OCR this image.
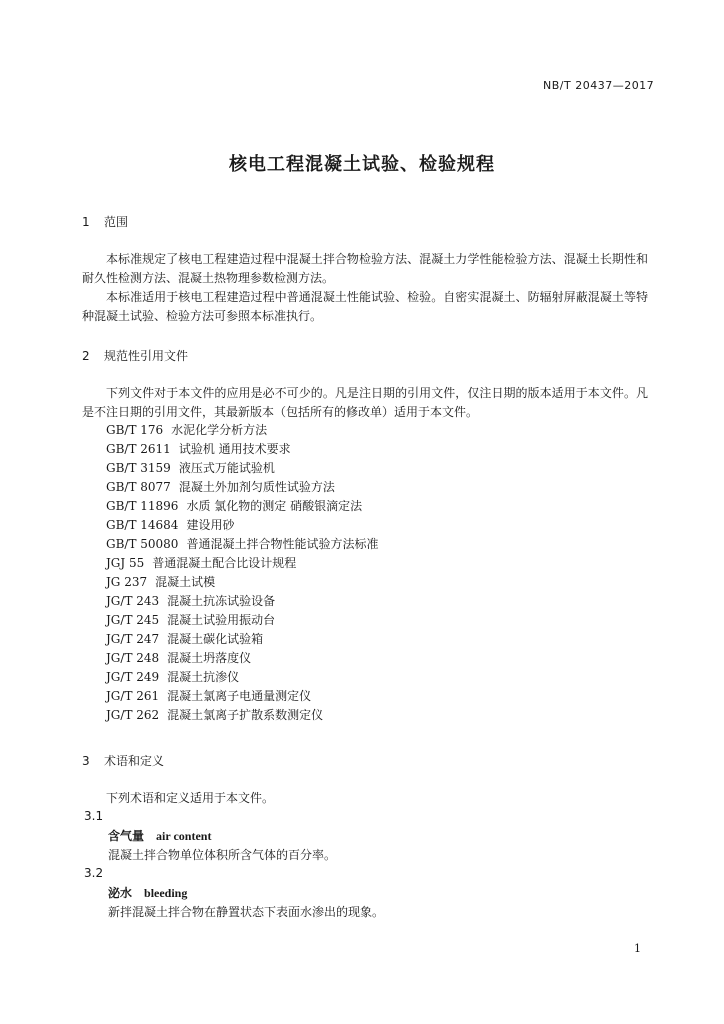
NB/T 20437—2017
核电工程混凝土试验、检验规程
1 范围
本标准规定了核电工程建造过程中混凝土拌合物检验方法、混凝土力学性能检验方法、混凝土长期性和耐久性检测方法、混凝土热物理参数检测方法。
本标准适用于核电工程建造过程中普通混凝土性能试验、检验。自密实混凝土、防辐射屏蔽混凝土等特种混凝土试验、检验方法可参照本标准执行。
2 规范性引用文件
下列文件对于本文件的应用是必不可少的。凡是注日期的引用文件，仅注日期的版本适用于本文件。凡是不注日期的引用文件，其最新版本（包括所有的修改单）适用于本文件。
GB/T 176 水泥化学分析方法
GB/T 2611 试验机 通用技术要求
GB/T 3159 液压式万能试验机
GB/T 8077 混凝土外加剂匀质性试验方法
GB/T 11896 水质 氯化物的测定 硝酸银滴定法
GB/T 14684 建设用砂
GB/T 50080 普通混凝土拌合物性能试验方法标准
JGJ 55 普通混凝土配合比设计规程
JG 237 混凝土试模
JG/T 243 混凝土抗冻试验设备
JG/T 245 混凝土试验用振动台
JG/T 247 混凝土碳化试验箱
JG/T 248 混凝土坍落度仪
JG/T 249 混凝土抗渗仪
JG/T 261 混凝土氯离子电通量测定仪
JG/T 262 混凝土氯离子扩散系数测定仪
3 术语和定义
下列术语和定义适用于本文件。
3.1
含气量 air content
混凝土拌合物单位体积所含气体的百分率。
3.2
泌水 bleeding
新拌混凝土拌合物在静置状态下表面水渗出的现象。
1
